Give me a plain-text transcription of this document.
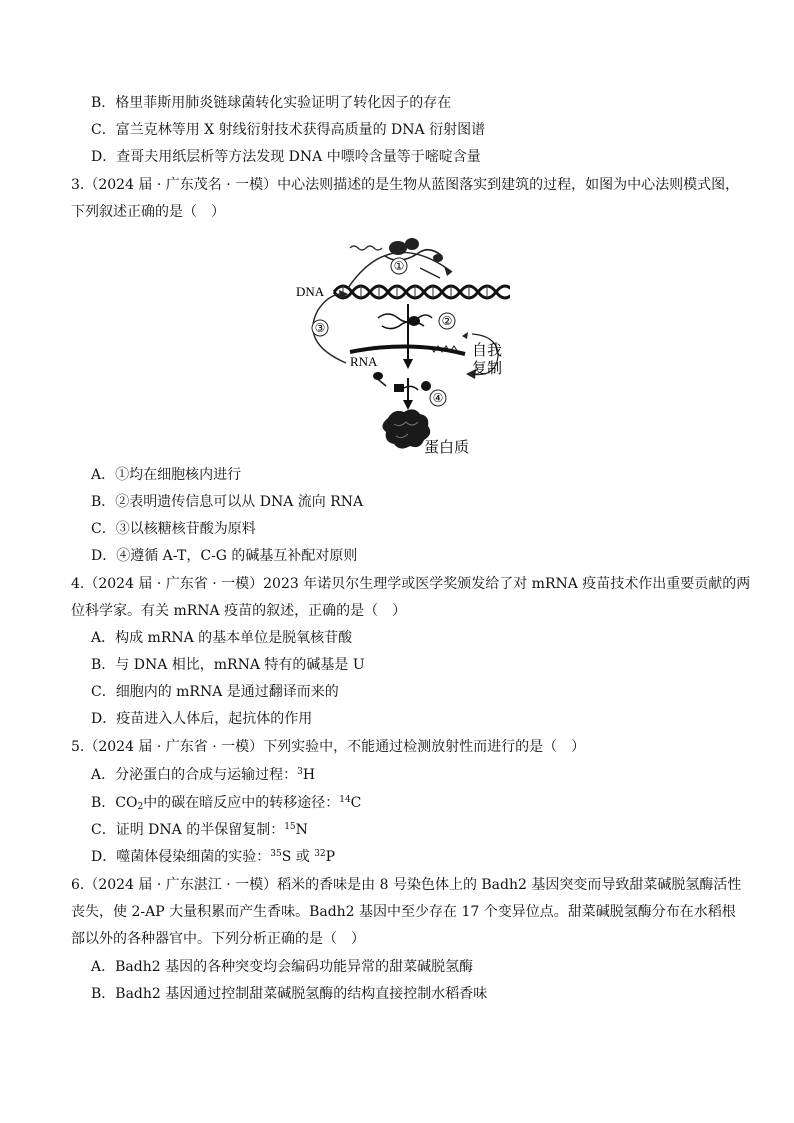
B．格里菲斯用肺炎链球菌转化实验证明了转化因子的存在
C．富兰克林等用 X 射线衍射技术获得高质量的 DNA 衍射图谱
D．查哥夫用纸层析等方法发现 DNA 中嘌呤含量等于嘧啶含量
3.（2024 届 · 广东茂名 · 一模）中心法则描述的是生物从蓝图落实到建筑的过程，如图为中心法则模式图，
下列叙述正确的是（　）
①
DNA
②
③
RNA
自我
复制
④
蛋白质
A．①均在细胞核内进行
B．②表明遗传信息可以从 DNA 流向 RNA
C．③以核糖核苷酸为原料
D．④遵循 A-T，C-G 的碱基互补配对原则
4.（2024 届 · 广东省 · 一模）2023 年诺贝尔生理学或医学奖颁发给了对 mRNA 疫苗技术作出重要贡献的两
位科学家。有关 mRNA 疫苗的叙述，正确的是（　）
A．构成 mRNA 的基本单位是脱氧核苷酸
B．与 DNA 相比，mRNA 特有的碱基是 U
C．细胞内的 mRNA 是通过翻译而来的
D．疫苗进入人体后，起抗体的作用
5.（2024 届 · 广东省 · 一模）下列实验中，不能通过检测放射性而进行的是（　）
A．分泌蛋白的合成与运输过程：$^3$H
B．$CO_2$中的碳在暗反应中的转移途径：$^{14}$C
C．证明 DNA 的半保留复制：$^{15}$N
D．噬菌体侵染细菌的实验：$^{35}$S 或 $^{32}$P
6.（2024 届 · 广东湛江 · 一模）稻米的香味是由 8 号染色体上的 Badh2 基因突变而导致甜菜碱脱氢酶活性
丧失，使 2-AP 大量积累而产生香味。Badh2 基因中至少存在 17 个变异位点。甜菜碱脱氢酶分布在水稻根
部以外的各种器官中。下列分析正确的是（　）
A．Badh2 基因的各种突变均会编码功能异常的甜菜碱脱氢酶
B．Badh2 基因通过控制甜菜碱脱氢酶的结构直接控制水稻香味
